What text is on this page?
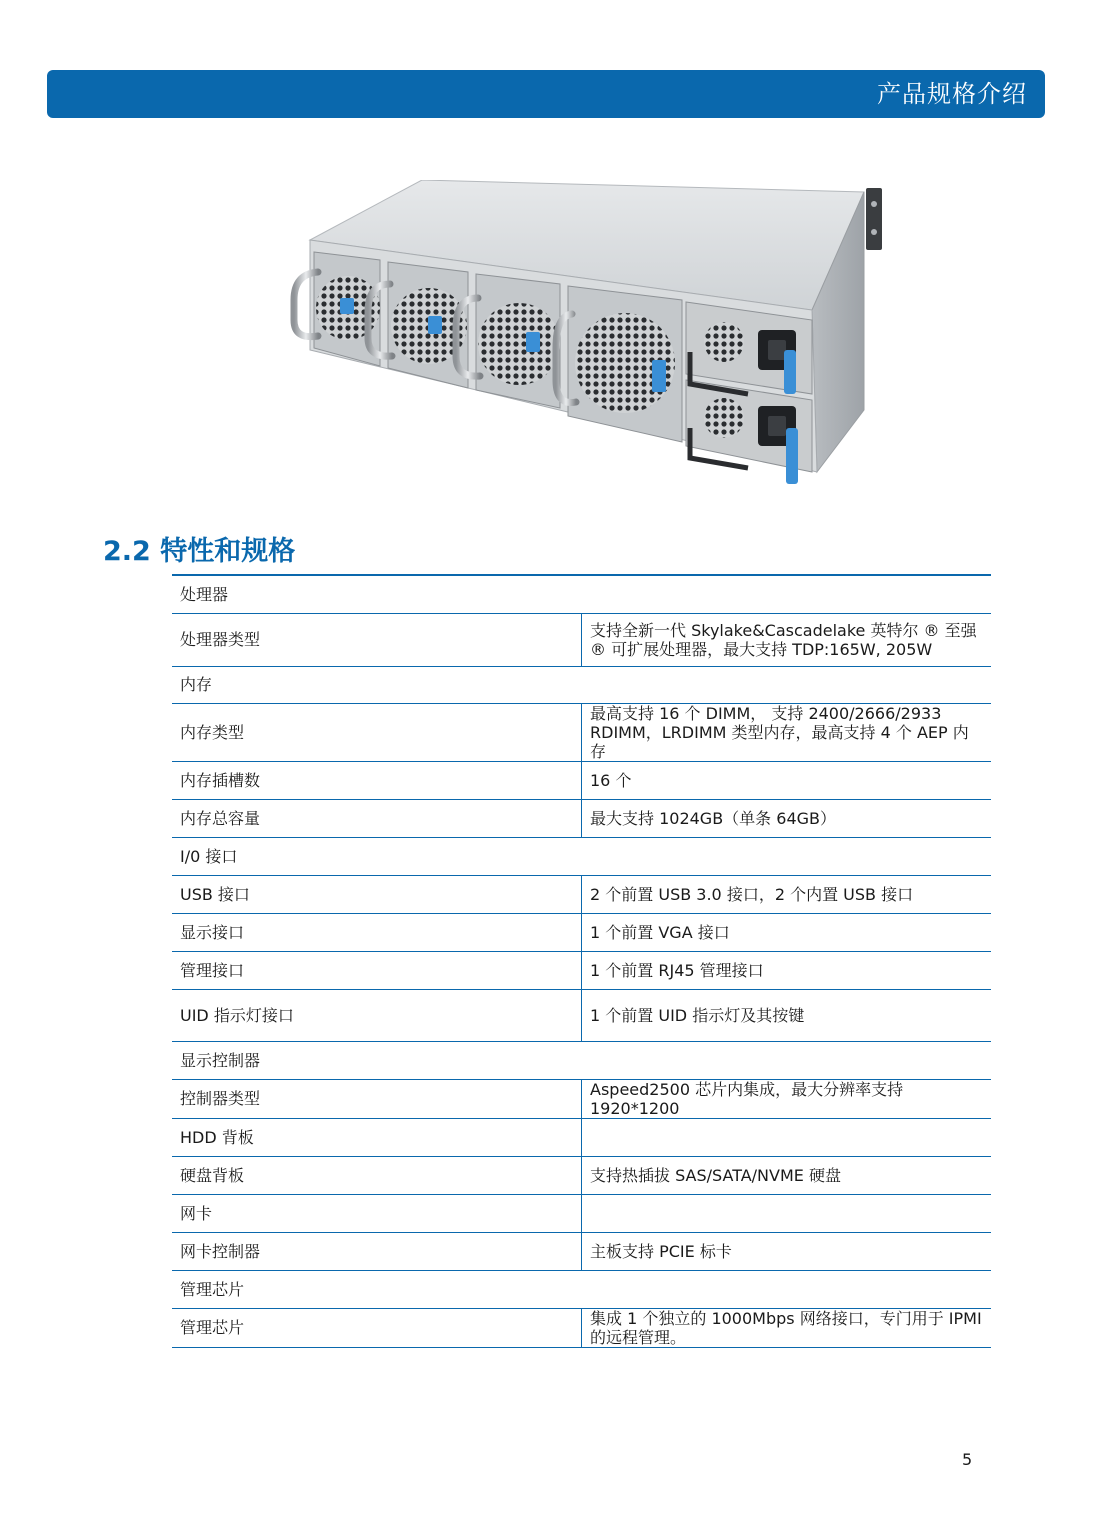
产品规格介绍
2.2 特性和规格
处理器	
处理器类型	支持全新一代 Skylake&Cascadelake 英特尔 ® 至强 ® 可扩展处理器，最大支持 TDP:165W, 205W
内存	
内存类型	最高支持 16 个 DIMM， 支持 2400/2666/2933 RDIMM，LRDIMM 类型内存，最高支持 4 个 AEP 内存
内存插槽数	16 个
内存总容量	最大支持 1024GB（单条 64GB）
I/0 接口	
USB 接口	2 个前置 USB 3.0 接口，2 个内置 USB 接口
显示接口	1 个前置 VGA 接口
管理接口	1 个前置 RJ45 管理接口
UID 指示灯接口	1 个前置 UID 指示灯及其按键
显示控制器	
控制器类型	Aspeed2500 芯片内集成，最大分辨率支持 1920*1200
HDD 背板	
硬盘背板	支持热插拔 SAS/SATA/NVME 硬盘
网卡	
网卡控制器	主板支持 PCIE 标卡
管理芯片	
管理芯片	集成 1 个独立的 1000Mbps 网络接口，专门用于 IPMI 的远程管理。
5
